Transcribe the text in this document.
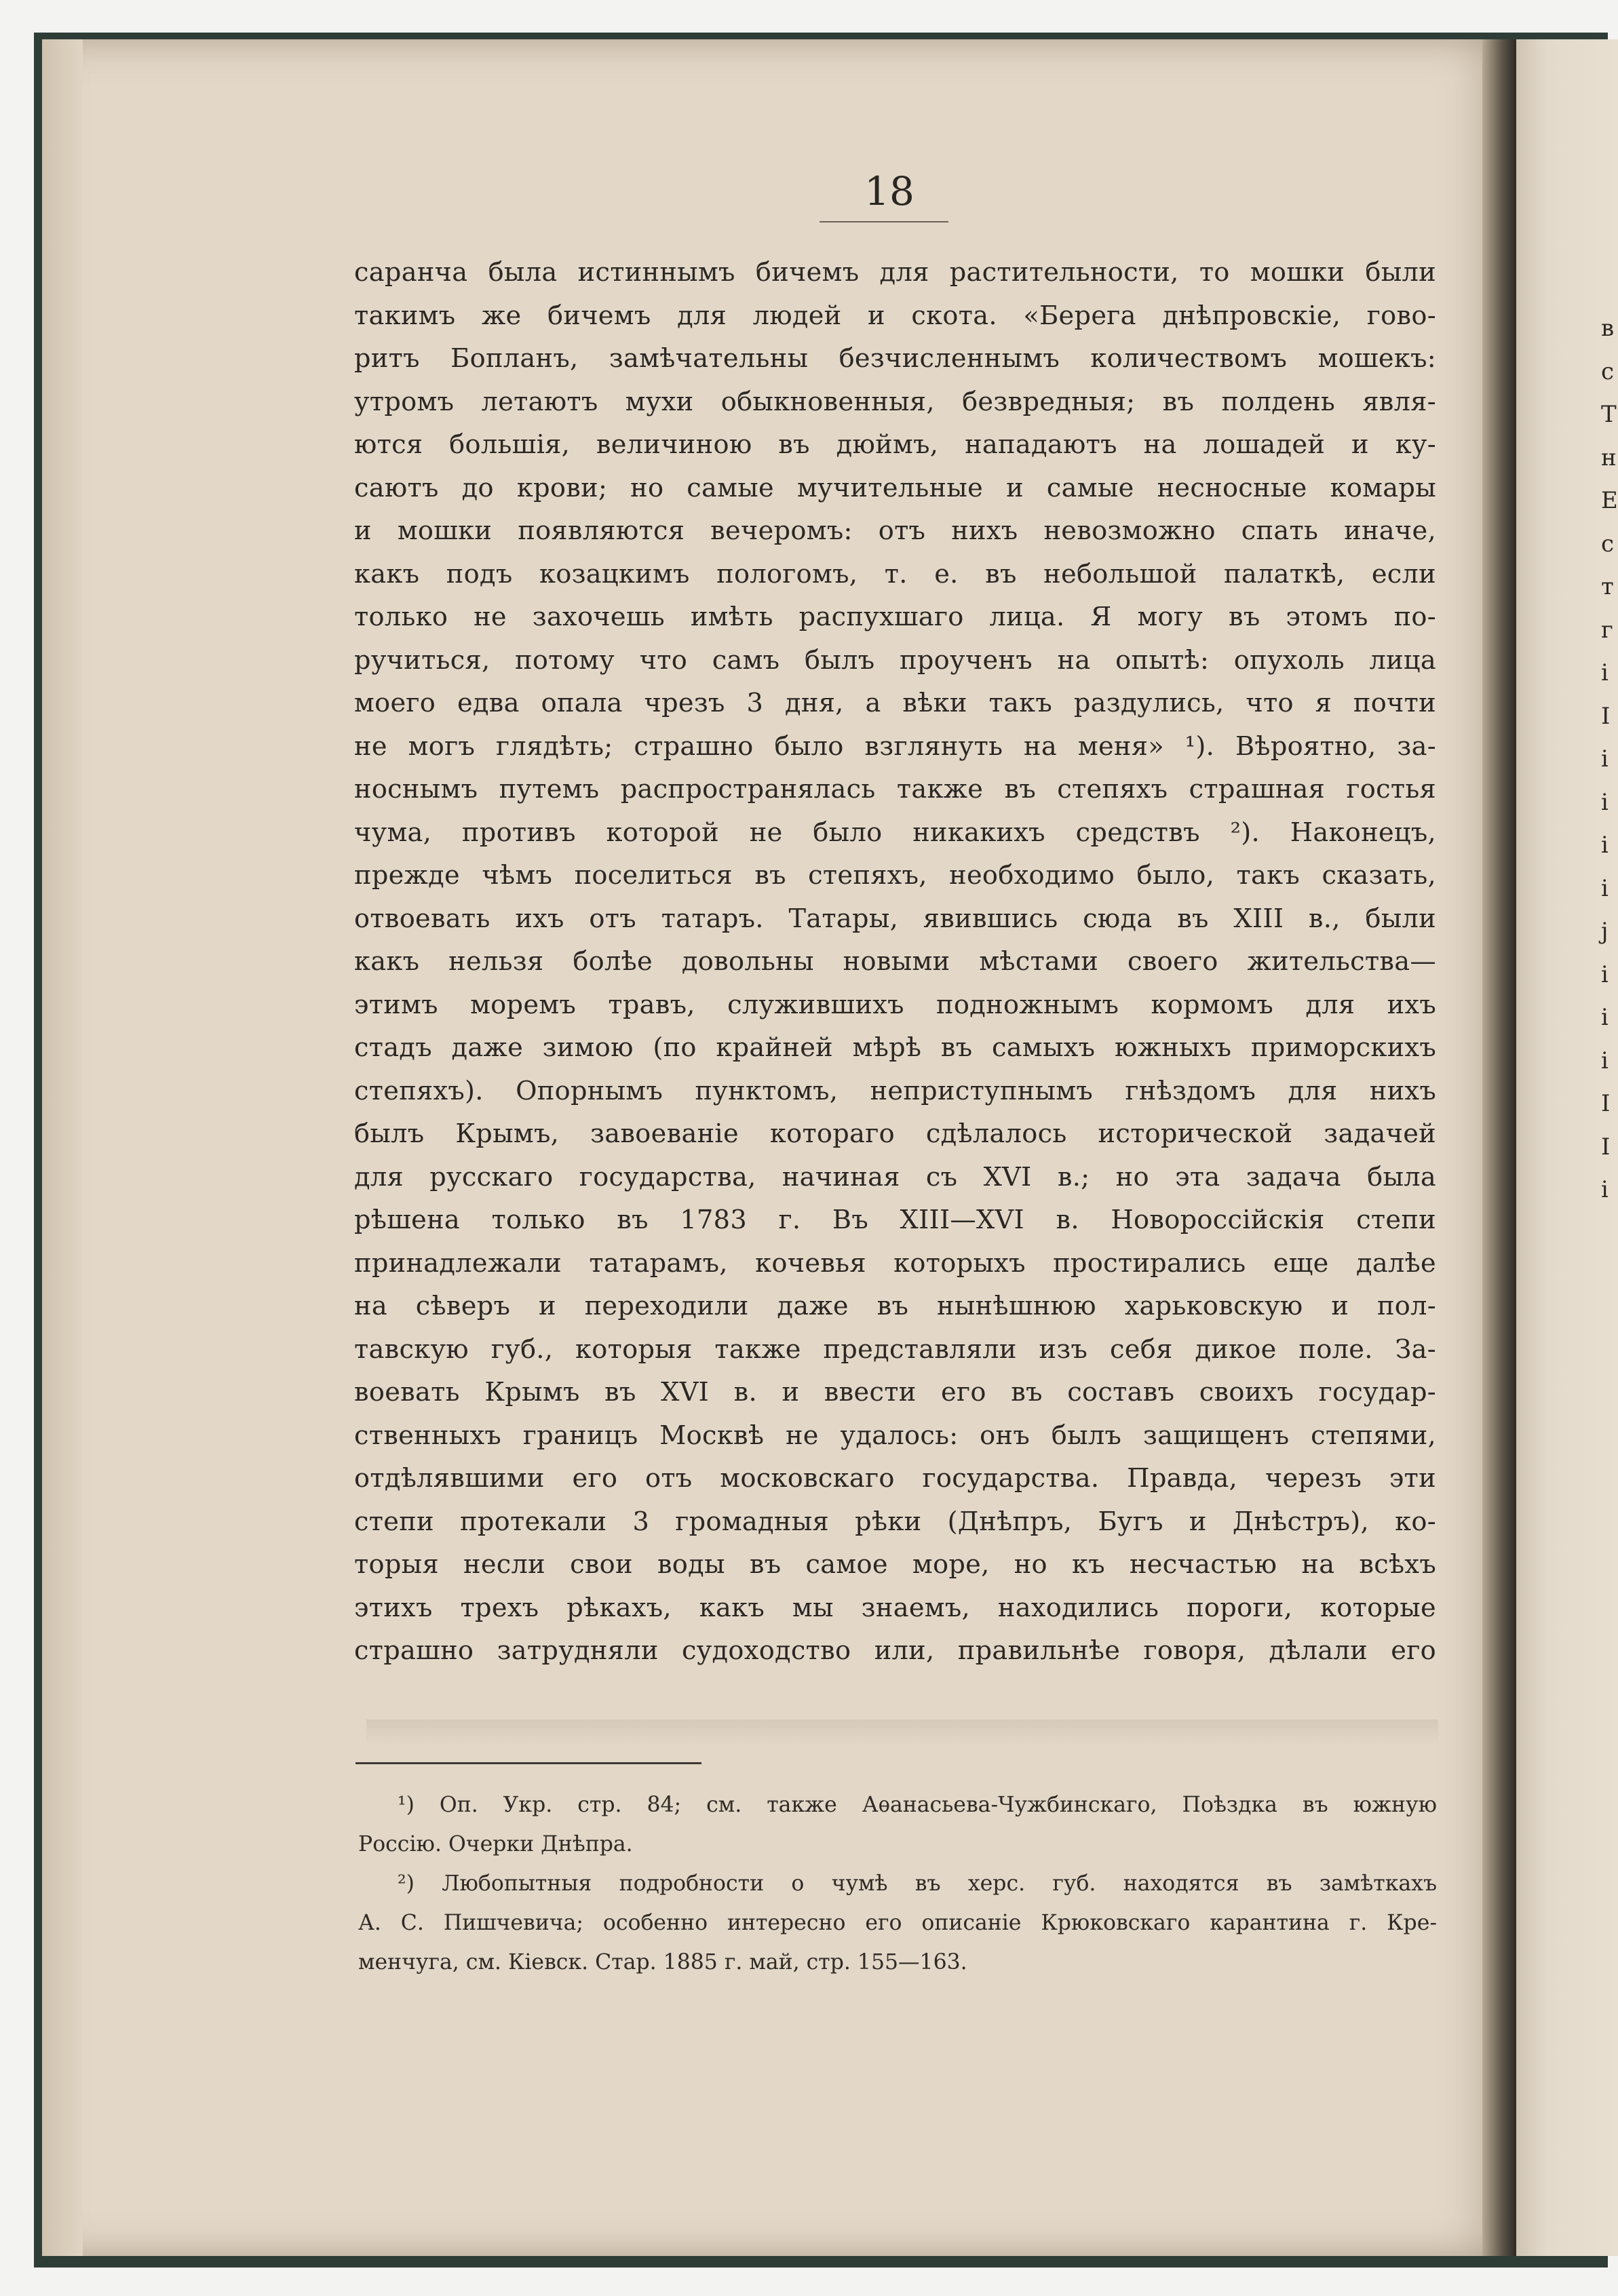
в
с
Т
н
Е
с
т
г
і
І
і
і
і
і
ј
і
і
і
І
І
і
18
саранча была истиннымъ бичемъ для растительности, то мошки были
такимъ же бичемъ для людей и скота. «Берега днѣпровскіе, гово-
ритъ Бопланъ, замѣчательны безчисленнымъ количествомъ мошекъ:
утромъ летаютъ мухи обыкновенныя, безвредныя; въ полдень явля-
ются большія, величиною въ дюймъ, нападаютъ на лошадей и ку-
саютъ до крови; но самые мучительные и самые несносные комары
и мошки появляются вечеромъ: отъ нихъ невозможно спать иначе,
какъ подъ козацкимъ пологомъ, т. е. въ небольшой палаткѣ, если
только не захочешь имѣть распухшаго лица. Я могу въ этомъ по-
ручиться, потому что самъ былъ проученъ на опытѣ: опухоль лица
моего едва опала чрезъ 3 дня, а вѣки такъ раздулись, что я почти
не могъ глядѣть; страшно было взглянуть на меня» ¹). Вѣроятно, за-
носнымъ путемъ распространялась также въ степяхъ страшная гостья
чума, противъ которой не было никакихъ средствъ ²). Наконецъ,
прежде чѣмъ поселиться въ степяхъ, необходимо было, такъ сказать,
отвоевать ихъ отъ татаръ. Татары, явившись сюда въ XIII в., были
какъ нельзя болѣе довольны новыми мѣстами своего жительства—
этимъ моремъ травъ, служившихъ подножнымъ кормомъ для ихъ
стадъ даже зимою (по крайней мѣрѣ въ самыхъ южныхъ приморскихъ
степяхъ). Опорнымъ пунктомъ, неприступнымъ гнѣздомъ для нихъ
былъ Крымъ, завоеваніе котораго сдѣлалось исторической задачей
для русскаго государства, начиная съ XVI в.; но эта задача была
рѣшена только въ 1783 г. Въ XIII—XVI в. Новороссійскія степи
принадлежали татарамъ, кочевья которыхъ простирались еще далѣе
на сѣверъ и переходили даже въ нынѣшнюю харьковскую и пол-
тавскую губ., которыя также представляли изъ себя дикое поле. За-
воевать Крымъ въ XVI в. и ввести его въ составъ своихъ государ-
ственныхъ границъ Москвѣ не удалось: онъ былъ защищенъ степями,
отдѣлявшими его отъ московскаго государства. Правда, черезъ эти
степи протекали 3 громадныя рѣки (Днѣпръ, Бугъ и Днѣстръ), ко-
торыя несли свои воды въ самое море, но къ несчастью на всѣхъ
этихъ трехъ рѣкахъ, какъ мы знаемъ, находились пороги, которые
страшно затрудняли судоходство или, правильнѣе говоря, дѣлали его
¹) Оп. Укр. стр. 84; см. также Аѳанасьева-Чужбинскаго, Поѣздка въ южную
Россію. Очерки Днѣпра.
²) Любопытныя подробности о чумѣ въ херс. губ. находятся въ замѣткахъ
А. С. Пишчевича; особенно интересно его описаніе Крюковскаго карантина г. Кре-
менчуга, см. Кіевск. Стар. 1885 г. май, стр. 155—163.
